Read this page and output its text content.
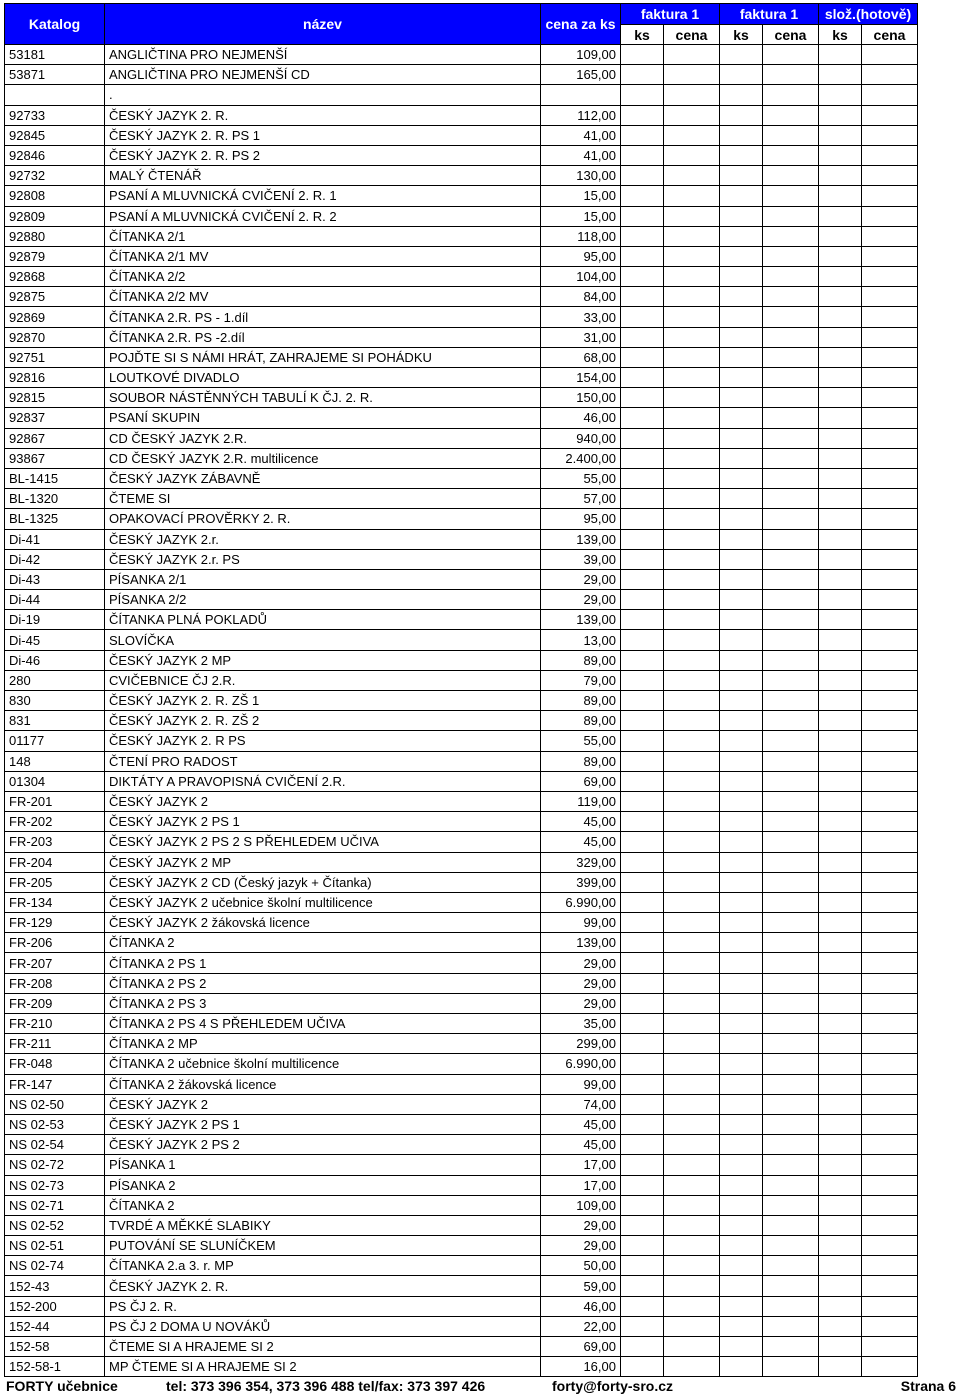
Katalog	název	cena za ks	faktura 1		faktura 1		slož.(hotově)	
			ks	cena	ks	cena	ks	cena
53181	ANGLIČTINA PRO NEJMENŠÍ	109,00						
53871	ANGLIČTINA PRO NEJMENŠÍ CD	165,00						
	.							
92733	ČESKÝ JAZYK 2. R.	112,00						
92845	ČESKÝ JAZYK 2. R. PS 1	41,00						
92846	ČESKÝ JAZYK 2. R. PS 2	41,00						
92732	MALÝ ČTENÁŘ	130,00						
92808	PSANÍ A MLUVNICKÁ CVIČENÍ 2. R. 1	15,00						
92809	PSANÍ A MLUVNICKÁ CVIČENÍ 2. R. 2	15,00						
92880	ČÍTANKA 2/1	118,00						
92879	ČÍTANKA 2/1 MV	95,00						
92868	ČÍTANKA 2/2	104,00						
92875	ČÍTANKA 2/2 MV	84,00						
92869	ČÍTANKA 2.R. PS - 1.díl	33,00						
92870	ČÍTANKA 2.R. PS -2.díl	31,00						
92751	POJĎTE SI S NÁMI HRÁT, ZAHRAJEME SI POHÁDKU	68,00						
92816	LOUTKOVÉ DIVADLO	154,00						
92815	SOUBOR NÁSTĚNNÝCH TABULÍ K ČJ. 2. R.	150,00						
92837	PSANÍ SKUPIN	46,00						
92867	CD ČESKÝ JAZYK 2.R.	940,00						
93867	CD ČESKÝ JAZYK 2.R. multilicence	2.400,00						
BL-1415	ČESKÝ JAZYK ZÁBAVNĚ	55,00						
BL-1320	ČTEME SI	57,00						
BL-1325	OPAKOVACÍ PROVĚRKY 2. R.	95,00						
Di-41	ČESKÝ JAZYK 2.r.	139,00						
Di-42	ČESKÝ JAZYK 2.r. PS	39,00						
Di-43	PÍSANKA 2/1	29,00						
Di-44	PÍSANKA 2/2	29,00						
Di-19	ČÍTANKA PLNÁ POKLADŮ	139,00						
Di-45	SLOVÍČKA	13,00						
Di-46	ČESKÝ JAZYK 2 MP	89,00						
280	CVIČEBNICE ČJ 2.R.	79,00						
830	ČESKÝ JAZYK 2. R. ZŠ 1	89,00						
831	ČESKÝ JAZYK 2. R. ZŠ 2	89,00						
01177	ČESKÝ JAZYK 2. R PS	55,00						
148	ČTENÍ PRO RADOST	89,00						
01304	DIKTÁTY A PRAVOPISNÁ CVIČENÍ 2.R.	69,00						
FR-201	ČESKÝ JAZYK 2	119,00						
FR-202	ČESKÝ JAZYK 2 PS 1	45,00						
FR-203	ČESKÝ JAZYK 2 PS 2 S PŘEHLEDEM UČIVA	45,00						
FR-204	ČESKÝ JAZYK 2 MP	329,00						
FR-205	ČESKÝ JAZYK 2 CD (Český jazyk + Čítanka)	399,00						
FR-134	ČESKÝ JAZYK 2 učebnice školní multilicence	6.990,00						
FR-129	ČESKÝ JAZYK 2 žákovská licence	99,00						
FR-206	ČÍTANKA 2	139,00						
FR-207	ČÍTANKA 2 PS 1	29,00						
FR-208	ČÍTANKA 2 PS 2	29,00						
FR-209	ČÍTANKA 2 PS 3	29,00						
FR-210	ČÍTANKA 2 PS 4 S PŘEHLEDEM UČIVA	35,00						
FR-211	ČÍTANKA 2 MP	299,00						
FR-048	ČÍTANKA 2 učebnice školní multilicence	6.990,00						
FR-147	ČÍTANKA 2 žákovská licence	99,00						
NS 02-50	ČESKÝ JAZYK 2	74,00						
NS 02-53	ČESKÝ JAZYK 2 PS 1	45,00						
NS 02-54	ČESKÝ JAZYK 2 PS 2	45,00						
NS 02-72	PÍSANKA 1	17,00						
NS 02-73	PÍSANKA 2	17,00						
NS 02-71	ČÍTANKA 2	109,00						
NS 02-52	TVRDÉ A MĚKKÉ SLABIKY	29,00						
NS 02-51	PUTOVÁNÍ SE SLUNÍČKEM	29,00						
NS 02-74	ČÍTANKA 2.a 3. r. MP	50,00						
152-43	ČESKÝ JAZYK 2. R.	59,00						
152-200	PS ČJ 2. R.	46,00						
152-44	PS ČJ 2 DOMA U NOVÁKŮ	22,00						
152-58	ČTEME SI A HRAJEME SI 2	69,00						
152-58-1	MP ČTEME SI A HRAJEME SI 2	16,00						
FORTY učebnice	tel: 373 396 354, 373 396 488 tel/fax: 373 397 426	forty@forty-sro.cz	Strana 6
